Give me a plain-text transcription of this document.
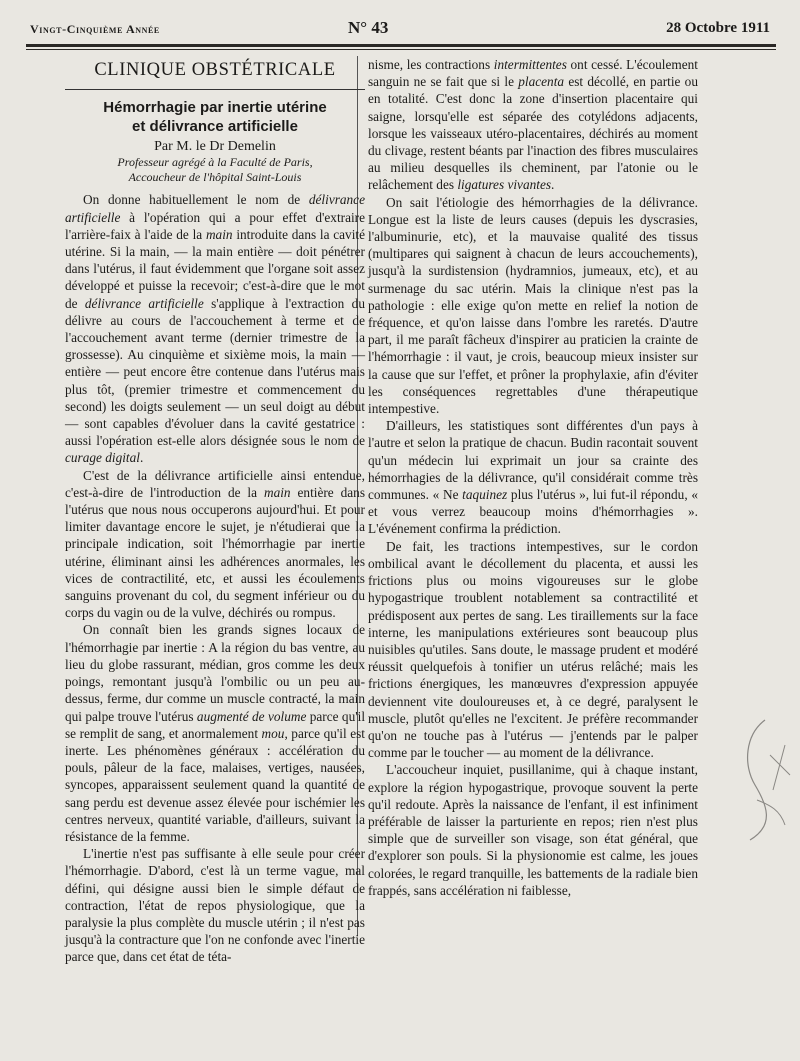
Vingt-Cinquième Année	N° 43	28 Octobre 1911
CLINIQUE OBSTÉTRICALE
Hémorrhagie par inertie utérine
et délivrance artificielle
Par M. le Dr Demelin
Professeur agrégé à la Faculté de Paris,
Accoucheur de l'hôpital Saint-Louis

On donne habituellement le nom de délivrance artificielle à l'opération qui a pour effet d'extraire l'arrière-faix à l'aide de la main introduite dans la cavité utérine. Si la main, — la main entière — doit pénétrer dans l'utérus, il faut évidemment que l'organe soit assez développé et puisse la recevoir; c'est-à-dire que le mot de délivrance artificielle s'applique à l'extraction du délivre au cours de l'accouchement à terme et de l'accouchement avant terme (dernier trimestre de la grossesse). Au cinquième et sixième mois, la main — entière — peut encore être contenue dans l'utérus mais plus tôt, (premier trimestre et commencement du second) les doigts seulement — un seul doigt au début — sont capables d'évoluer dans la cavité gestatrice : aussi l'opération est-elle alors désignée sous le nom de curage digital.

C'est de la délivrance artificielle ainsi entendue, c'est-à-dire de l'introduction de la main entière dans l'utérus que nous nous occuperons aujourd'hui. Et pour limiter davantage encore le sujet, je n'étudierai que la principale indication, soit l'hémorrhagie par inertie utérine, éliminant ainsi les adhérences anormales, les vices de contractilité, etc, et aussi les écoulements sanguins provenant du col, du segment inférieur ou du corps du vagin ou de la vulve, déchirés ou rompus.

On connaît bien les grands signes locaux de l'hémorrhagie par inertie : A la région du bas ventre, au lieu du globe rassurant, médian, gros comme les deux poings, remontant jusqu'à l'ombilic ou un peu au-dessus, ferme, dur comme un muscle contracté, la main qui palpe trouve l'utérus augmenté de volume parce qu'il se remplit de sang, et anormalement mou, parce qu'il est inerte. Les phénomènes généraux : accélération du pouls, pâleur de la face, malaises, vertiges, nausées, syncopes, apparaissent seulement quand la quantité de sang perdu est devenue assez élevée pour ischémier les centres nerveux, quantité variable, d'ailleurs, suivant la résistance de la femme.

L'inertie n'est pas suffisante à elle seule pour créer l'hémorrhagie. D'abord, c'est là un terme vague, mal défini, qui désigne aussi bien le simple défaut de contraction, l'état de repos physiologique, que la paralysie la plus complète du muscle utérin ; il n'est pas jusqu'à la contracture que l'on ne confonde avec l'inertie parce que, dans cet état de téta-

nisme, les contractions intermittentes ont cessé. L'écoulement sanguin ne se fait que si le placenta est décollé, en partie ou en totalité. C'est donc la zone d'insertion placentaire qui saigne, lorsqu'elle est séparée des cotylédons adjacents, lorsque les vaisseaux utéro-placentaires, déchirés au moment du clivage, restent béants par l'inaction des fibres musculaires au milieu desquelles ils cheminent, par l'atonie ou le relâchement des ligatures vivantes.

On sait l'étiologie des hémorrhagies de la délivrance. Longue est la liste de leurs causes (depuis les dyscrasies, l'albuminurie, etc), et la mauvaise qualité des tissus (multipares qui saignent à chacun de leurs accouchements), jusqu'à la surdistension (hydramnios, jumeaux, etc), et au surmenage du sac utérin. Mais la clinique n'est pas la pathologie : elle exige qu'on mette en relief la notion de fréquence, et qu'on laisse dans l'ombre les raretés. D'autre part, il me paraît fâcheux d'inspirer au praticien la crainte de l'hémorrhagie : il vaut, je crois, beaucoup mieux insister sur la cause que sur l'effet, et prôner la prophylaxie, afin d'éviter les conséquences regrettables d'une thérapeutique intempestive.

D'ailleurs, les statistiques sont différentes d'un pays à l'autre et selon la pratique de chacun. Budin racontait souvent qu'un médecin lui exprimait un jour sa crainte des hémorrhagies de la délivrance, qu'il considérait comme très communes. « Ne taquinez plus l'utérus », lui fut-il répondu, « et vous verrez beaucoup moins d'hémorrhagies ». L'événement confirma la prédiction.

De fait, les tractions intempestives, sur le cordon ombilical avant le décollement du placenta, et aussi les frictions plus ou moins vigoureuses sur le globe hypogastrique troublent notablement sa contractilité et prédisposent aux pertes de sang. Les tiraillements sur la face interne, les manipulations extérieures sont beaucoup plus nuisibles qu'utiles. Sans doute, le massage prudent et modéré réussit quelquefois à tonifier un utérus relâché; mais les frictions énergiques, les manœuvres d'expression appuyée deviennent vite douloureuses et, à ce degré, paralysent le muscle, plutôt qu'elles ne l'excitent. Je préfère recommander qu'on ne touche pas à l'utérus — j'entends par le palper comme par le toucher — au moment de la délivrance.

L'accoucheur inquiet, pusillanime, qui à chaque instant, explore la région hypogastrique, provoque souvent la perte qu'il redoute. Après la naissance de l'enfant, il est infiniment préférable de laisser la parturiente en repos; rien n'est plus simple que de surveiller son visage, son état général, que d'explorer son pouls. Si la physionomie est calme, les joues colorées, le regard tranquille, les battements de la radiale bien frappés, sans accélération ni faiblesse,
